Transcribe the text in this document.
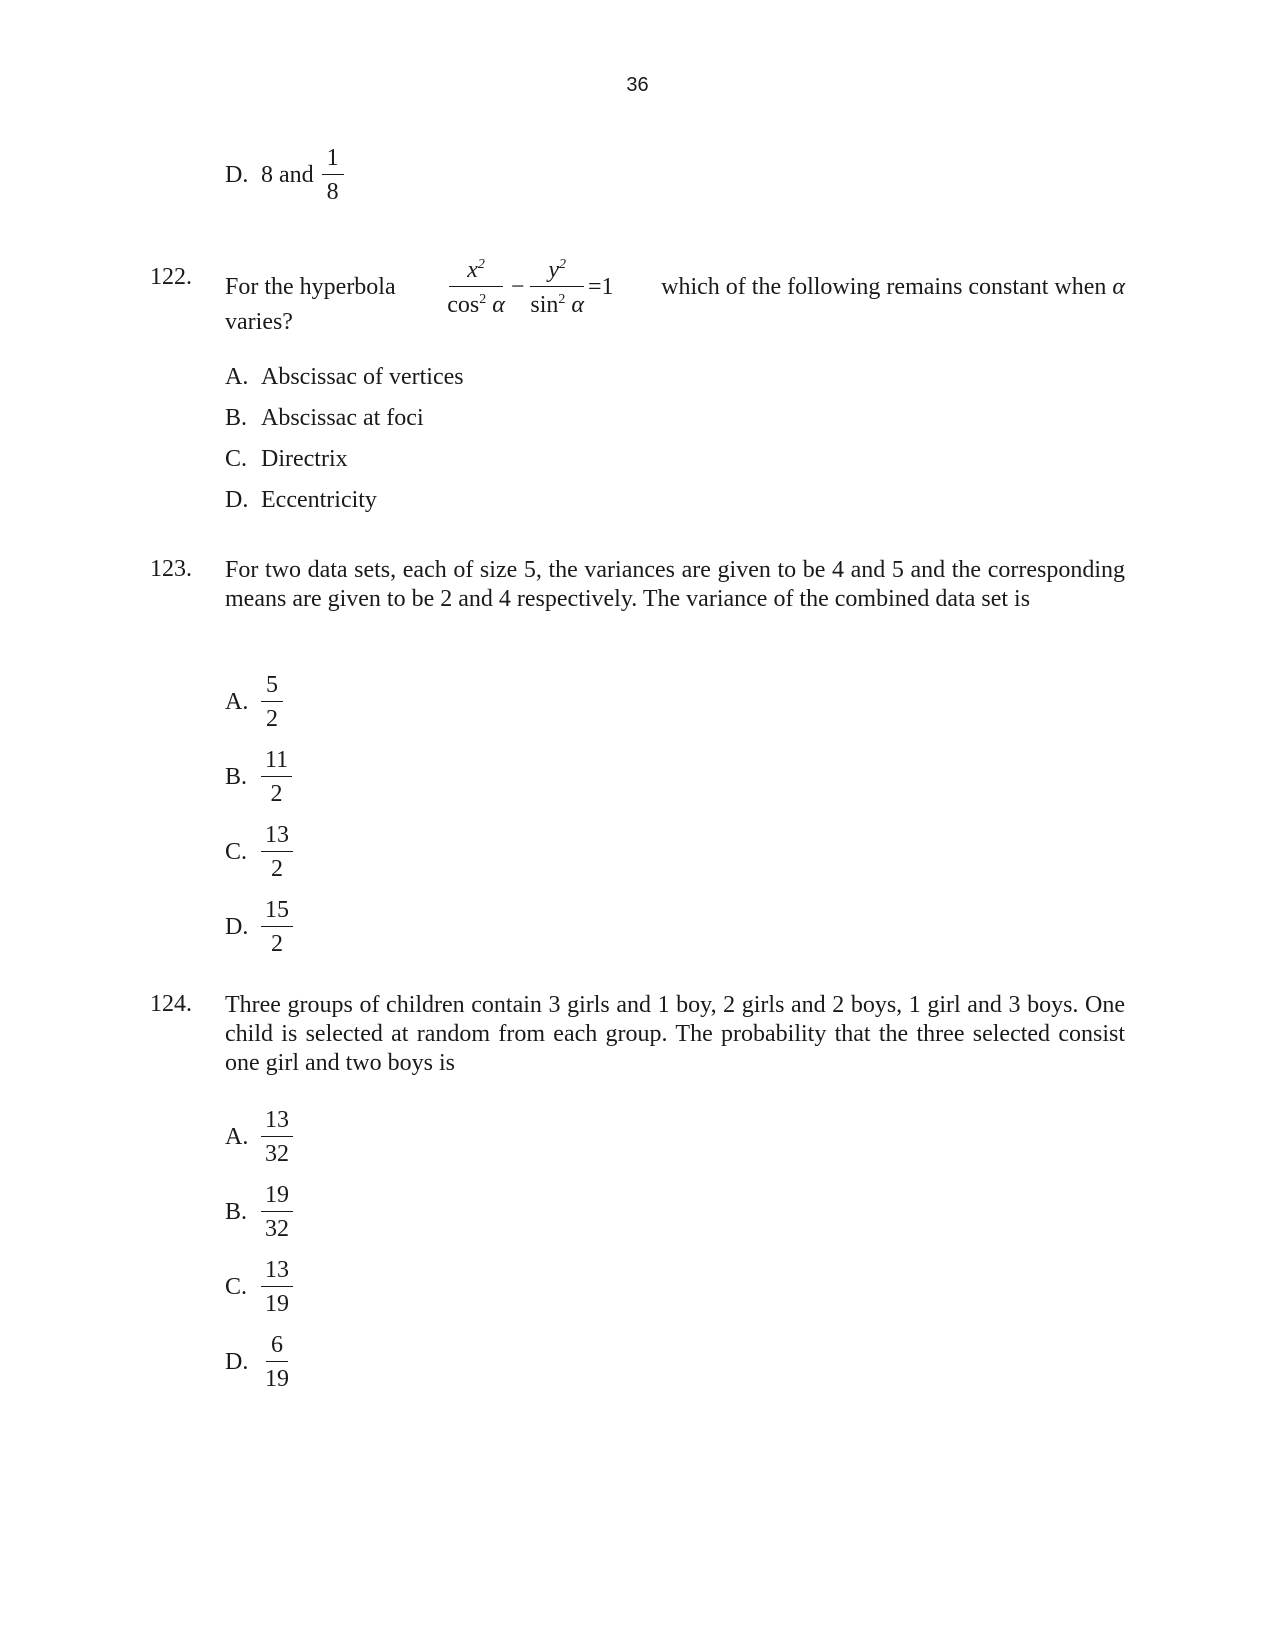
36
D. 8 and $\frac{1}{8}$
122. For the hyperbola $\frac{x^2}{\cos^2 \alpha} - \frac{y^2}{\sin^2 \alpha} =1$ which of the following remains constant when α
varies?
A. Abscissac of vertices
B. Abscissac at foci
C. Directrix
D. Eccentricity
123. For two data sets, each of size 5, the variances are given to be 4 and 5 and the corresponding means are given to be 2 and 4 respectively. The variance of the combined data set is
A. $\frac{5}{2}$
B. $\frac{11}{2}$
C. $\frac{13}{2}$
D. $\frac{15}{2}$
124. Three groups of children contain 3 girls and 1 boy, 2 girls and 2 boys, 1 girl and 3 boys. One child is selected at random from each group. The probability that the three selected consist one girl and two boys is
A. $\frac{13}{32}$
B. $\frac{19}{32}$
C. $\frac{13}{19}$
D. $\frac{6}{19}$
